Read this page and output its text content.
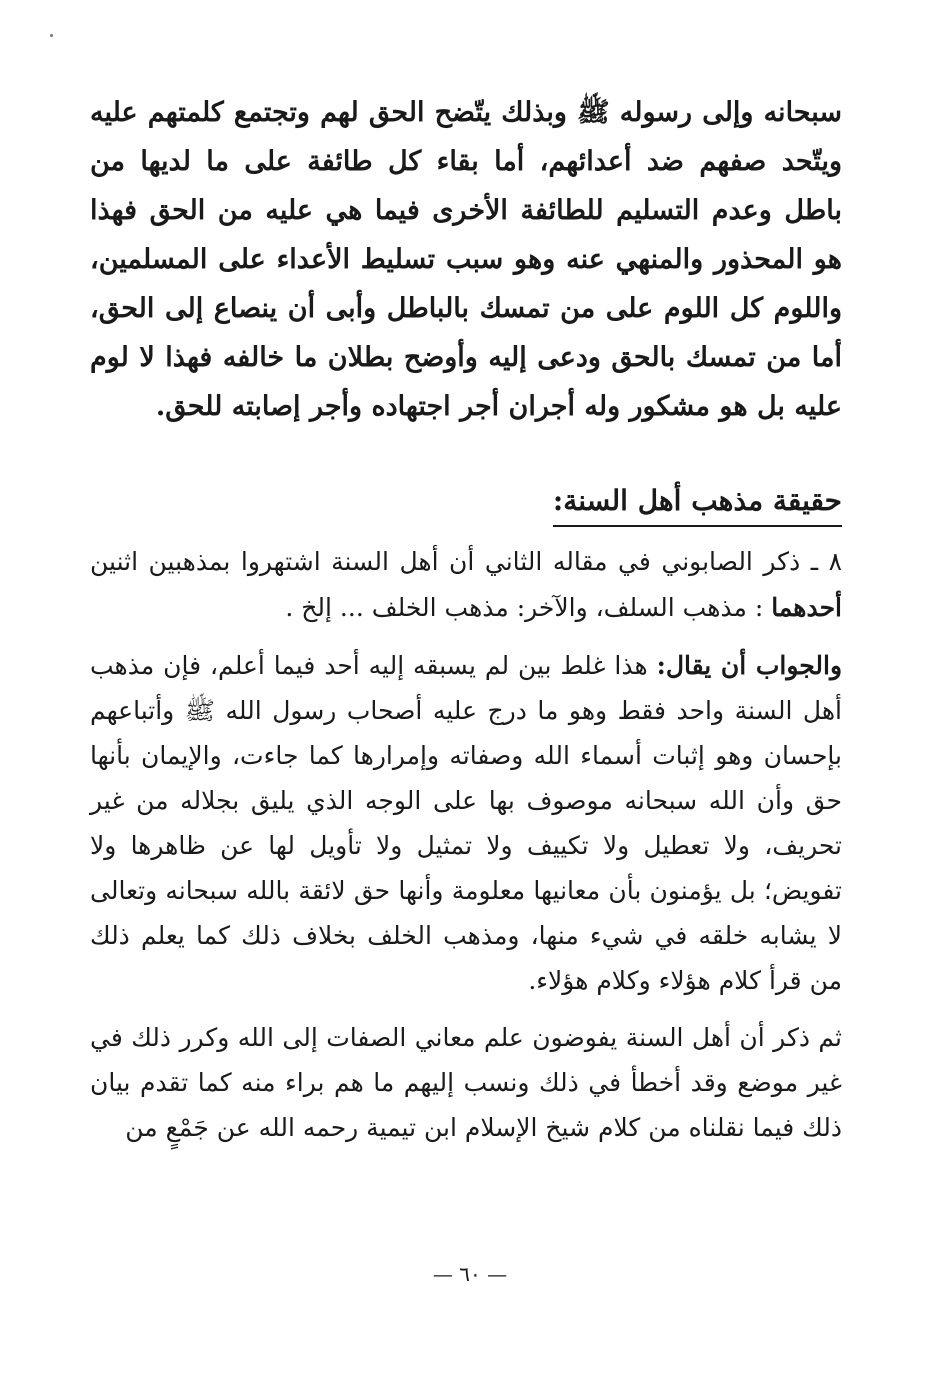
سبحانه وإلى رسوله ﷺ وبذلك يتّضح الحق لهم وتجتمع كلمتهم عليه ويتّحد صفهم ضد أعدائهم، أما بقاء كل طائفة على ما لديها من باطل وعدم التسليم للطائفة الأخرى فيما هي عليه من الحق فهذا هو المحذور والمنهي عنه وهو سبب تسليط الأعداء على المسلمين، واللوم كل اللوم على من تمسك بالباطل وأبى أن ينصاع إلى الحق، أما من تمسك بالحق ودعى إليه وأوضح بطلان ما خالفه فهذا لا لوم عليه بل هو مشكور وله أجران أجر اجتهاده وأجر إصابته للحق.

حقيقة مذهب أهل السنة:

٨ ـ ذكر الصابوني في مقاله الثاني أن أهل السنة اشتهروا بمذهبين اثنين أحدهما : مذهب السلف، والآخر: مذهب الخلف ... إلخ .

والجواب أن يقال: هذا غلط بين لم يسبقه إليه أحد فيما أعلم، فإن مذهب أهل السنة واحد فقط وهو ما درج عليه أصحاب رسول الله ﷺ وأتباعهم بإحسان وهو إثبات أسماء الله وصفاته وإمرارها كما جاءت، والإيمان بأنها حق وأن الله سبحانه موصوف بها على الوجه الذي يليق بجلاله من غير تحريف، ولا تعطيل ولا تكييف ولا تمثيل ولا تأويل لها عن ظاهرها ولا تفويض؛ بل يؤمنون بأن معانيها معلومة وأنها حق لائقة بالله سبحانه وتعالى لا يشابه خلقه في شيء منها، ومذهب الخلف بخلاف ذلك كما يعلم ذلك من قرأ كلام هؤلاء وكلام هؤلاء.

ثم ذكر أن أهل السنة يفوضون علم معاني الصفات إلى الله وكرر ذلك في غير موضع وقد أخطأ في ذلك ونسب إليهم ما هم براء منه كما تقدم بيان ذلك فيما نقلناه من كلام شيخ الإسلام ابن تيمية رحمه الله عن جَمْعٍ من

— ٦٠ —
